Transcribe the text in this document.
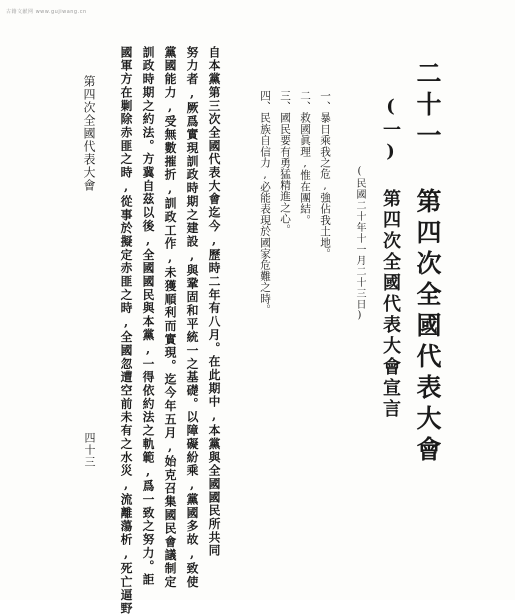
古籍文献网 www.gujiwang.cn
二十一 第四次全國代表大會
(一) 第四次全國代表大會宣言
(民國二十年十一月二十三日)
一、暴日乘我之危,強佔我土地。
二、救國眞理,惟在團結。
三、國民要有勇猛精進之心。
四、民族自信力,必能表現於國家危難之時。
自本黨第三次全國代表大會迄今,歷時二年有八月。在此期中,本黨與全國國民所共同
努力者,厥爲實現訓政時期之建設,與鞏固和平統一之基礎。以障礙紛乘,黨國多故,致使
黨國能力,受無數摧折,訓政工作,未獲順利而實現。迄今年五月,始克召集國民會議制定
訓政時期之約法。方冀自茲以後,全國國民與本黨,一得依約法之軌範,爲一致之努力。詎
國軍方在剿除赤匪之時,從事於擬定赤匪之時,全國忽遭空前未有之水災,流離蕩析,死亡逼野
第四次全國代表大會
四十三
